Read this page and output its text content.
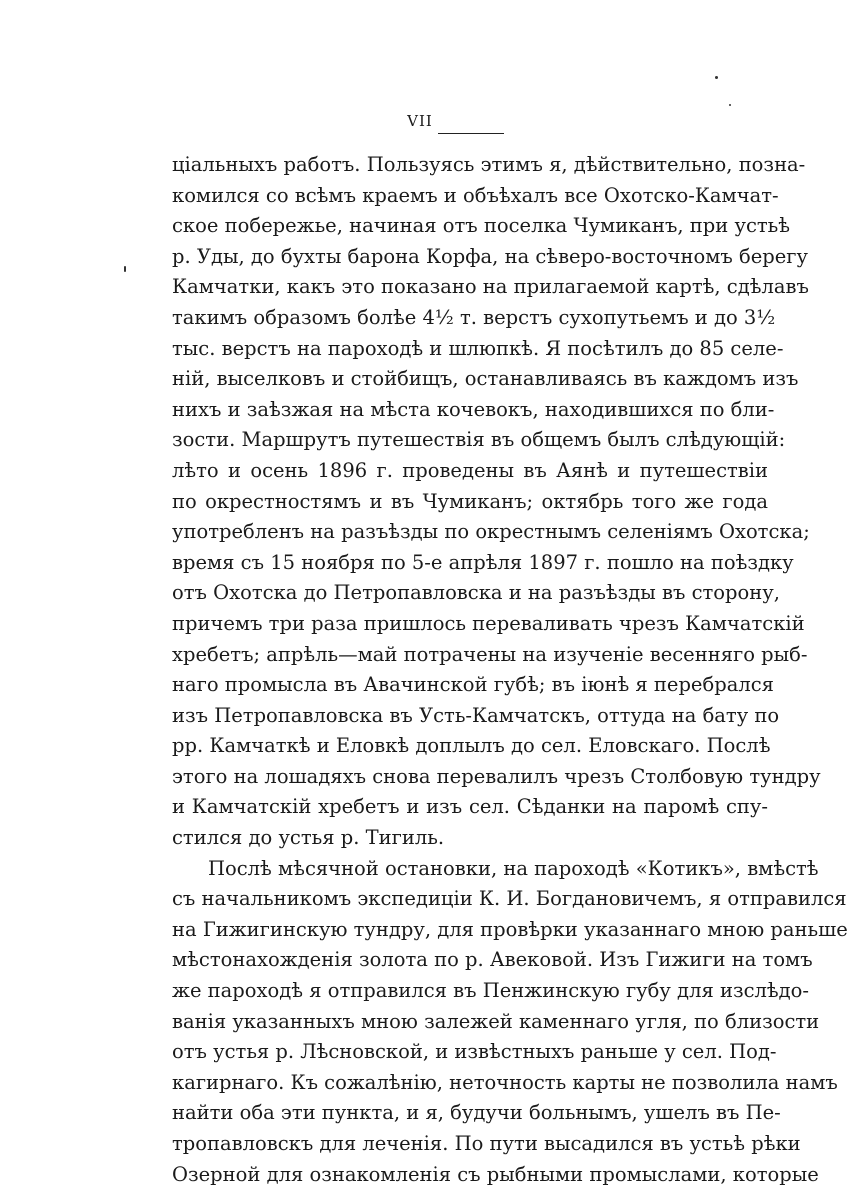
VII
ціальныхъ работъ. Пользуясь этимъ я, дѣйствительно, позна-
комился со всѣмъ краемъ и объѣхалъ все Охотско-Камчат-
ское побережье, начиная отъ поселка Чумиканъ, при устьѣ
р. Уды, до бухты барона Корфа, на сѣверо-восточномъ берегу
Камчатки, какъ это показано на прилагаемой картѣ, сдѣлавъ
такимъ образомъ болѣе 4½ т. верстъ сухопутьемъ и до 3½
тыс. верстъ на пароходѣ и шлюпкѣ. Я посѣтилъ до 85 селе-
ній, выселковъ и стойбищъ, останавливаясь въ каждомъ изъ
нихъ и заѣзжая на мѣста кочевокъ, находившихся по бли-
зости. Маршрутъ путешествія въ общемъ былъ слѣдующій:
лѣто и осень 1896 г. проведены въ Аянѣ и путешествіи
по окрестностямъ и въ Чумиканъ; октябрь того же года
употребленъ на разъѣзды по окрестнымъ селеніямъ Охотска;
время съ 15 ноября по 5-е апрѣля 1897 г. пошло на поѣздку
отъ Охотска до Петропавловска и на разъѣзды въ сторону,
причемъ три раза пришлось переваливать чрезъ Камчатскій
хребетъ; апрѣль—май потрачены на изученіе весенняго рыб-
наго промысла въ Авачинской губѣ; въ іюнѣ я перебрался
изъ Петропавловска въ Усть-Камчатскъ, оттуда на бату по
рр. Камчаткѣ и Еловкѣ доплылъ до сел. Еловскаго. Послѣ
этого на лошадяхъ снова перевалилъ чрезъ Столбовую тундру
и Камчатскій хребетъ и изъ сел. Сѣданки на паромѣ спу-
стился до устья р. Тигиль.
Послѣ мѣсячной остановки, на пароходѣ «Котикъ», вмѣстѣ
съ начальникомъ экспедиціи К. И. Богдановичемъ, я отправился
на Гижигинскую тундру, для провѣрки указаннаго мною раньше
мѣстонахожденія золота по р. Авековой. Изъ Гижиги на томъ
же пароходѣ я отправился въ Пенжинскую губу для изслѣдо-
ванія указанныхъ мною залежей каменнаго угля, по близости
отъ устья р. Лѣсновской, и извѣстныхъ раньше у сел. Под-
кагирнаго. Къ сожалѣнію, неточность карты не позволила намъ
найти оба эти пункта, и я, будучи больнымъ, ушелъ въ Пе-
тропавловскъ для леченія. По пути высадился въ устьѣ рѣки
Озерной для ознакомленія съ рыбными промыслами, которые
